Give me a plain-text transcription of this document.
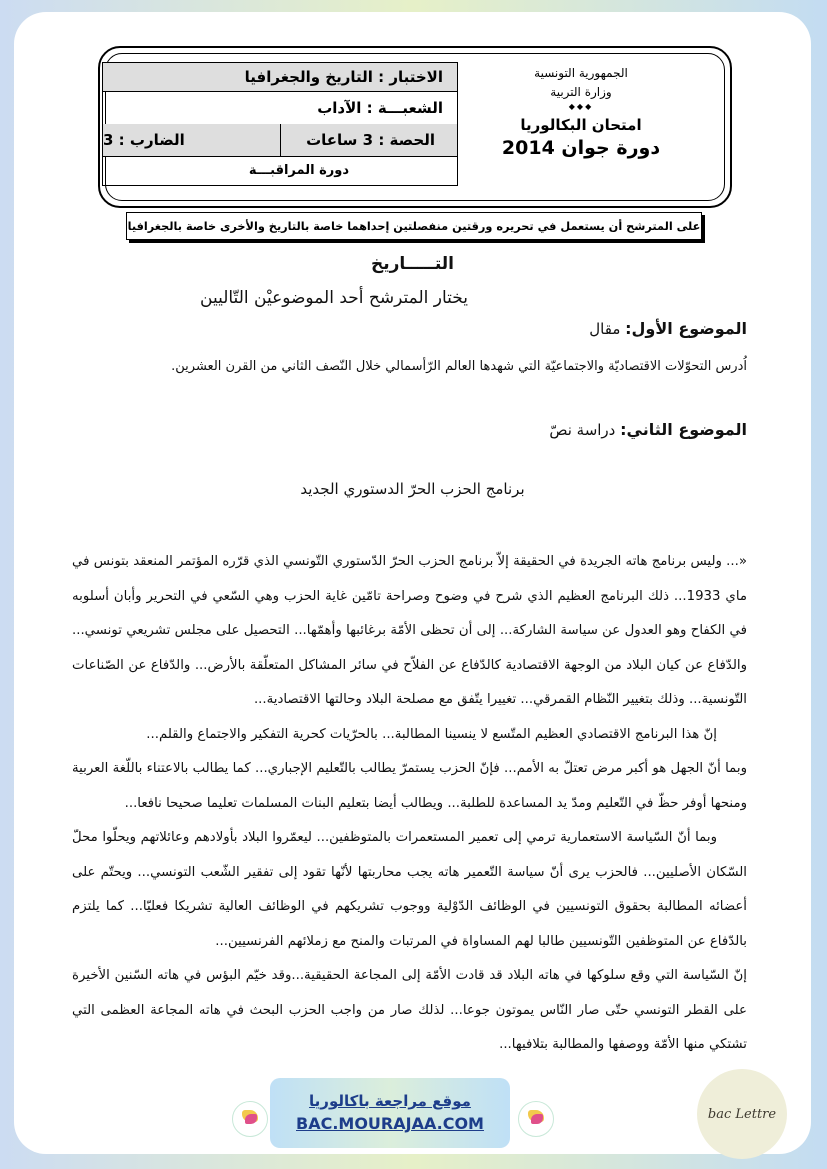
الاختبار : التاريخ والجغرافيا
الشعبـــة : الآداب
الحصة : 3 ساعات
الضارب : 3
دورة المراقبـــة
الجمهورية التونسية
وزارة التربية
◆◆◆
امتحان البكالوريا
دورة جوان 2014
على المترشح أن يستعمل في تحريره ورقتين منفصلتين إحداهما خاصة بالتاريخ والأخرى خاصة بالجغرافيا
التـــــاريخ
يختار المترشح أحد الموضوعيْن التّاليين
الموضوع الأول: مقال
اُدرس التحوّلات الاقتصاديّة والاجتماعيّة التي شهدها العالم الرّأسمالي خلال النّصف الثاني من القرن العشرين.
الموضوع الثاني: دراسة نصّ
برنامج الحزب الحرّ الدستوري الجديد

«... وليس برنامج هاته الجريدة في الحقيقة إلاّ برنامج الحزب الحرّ الدّستوري التّونسي الذي قرّره المؤتمر المنعقد بتونس في ماي 1933... ذلك البرنامج العظيم الذي شرح في وضوح وصراحة تامّين غاية الحزب وهي السّعي في التحرير وأبان أسلوبه في الكفاح وهو العدول عن سياسة الشاركة... إلى أن تحظى الأمّة برغائبها وأهمّها... التحصيل على مجلس تشريعي تونسي... والدّفاع عن كيان البلاد من الوجهة الاقتصادية كالدّفاع عن الفلاّح في سائر المشاكل المتعلّقة بالأرض... والدّفاع عن الصّناعات التّونسية... وذلك بتغيير النّظام القمرقي... تغييرا يتّفق مع مصلحة البلاد وحالتها الاقتصادية...

إنّ هذا البرنامج الاقتصادي العظيم المتّسع لا ينسينا المطالبة... بالحرّيات كحرية التفكير والاجتماع والقلم...

وبما أنّ الجهل هو أكبر مرض تعتلّ به الأمم... فإنّ الحزب يستمرّ يطالب بالتّعليم الإجباري... كما يطالب بالاعتناء باللّغة العربية ومنحها أوفر حظّ في التّعليم ومدّ يد المساعدة للطلبة... ويطالب أيضا بتعليم البنات المسلمات تعليما صحيحا نافعا...

وبما أنّ السّياسة الاستعمارية ترمي إلى تعمير المستعمرات بالمتوظفين... ليعمّروا البلاد بأولادهم وعائلاتهم ويحلّوا محلّ السّكان الأصليين... فالحزب يرى أنّ سياسة التّعمير هاته يجب محاربتها لأنّها تقود إلى تفقير الشّعب التونسي... ويحتّم على أعضائه المطالبة بحقوق التونسيين في الوظائف الدّوْلية ووجوب تشريكهم في الوظائف العالية تشريكا فعليّا... كما يلتزم بالدّفاع عن المتوظفين التّونسيين طالبا لهم المساواة في المرتبات والمنح مع زملائهم الفرنسيين...

إنّ السّياسة التي وقع سلوكها في هاته البلاد قد قادت الأمّة إلى المجاعة الحقيقية...وقد خيّم البؤس في هاته السّنين الأخيرة على القطر التونسي حتّى صار النّاس يموتون جوعا... لذلك صار من واجب الحزب البحث في هاته المجاعة العظمى التي تشتكي منها الأمّة ووصفها والمطالبة بتلافيها...

موقع مراجعة باكالوريا
BAC.MOURAJAA.COM	bac Lettre
